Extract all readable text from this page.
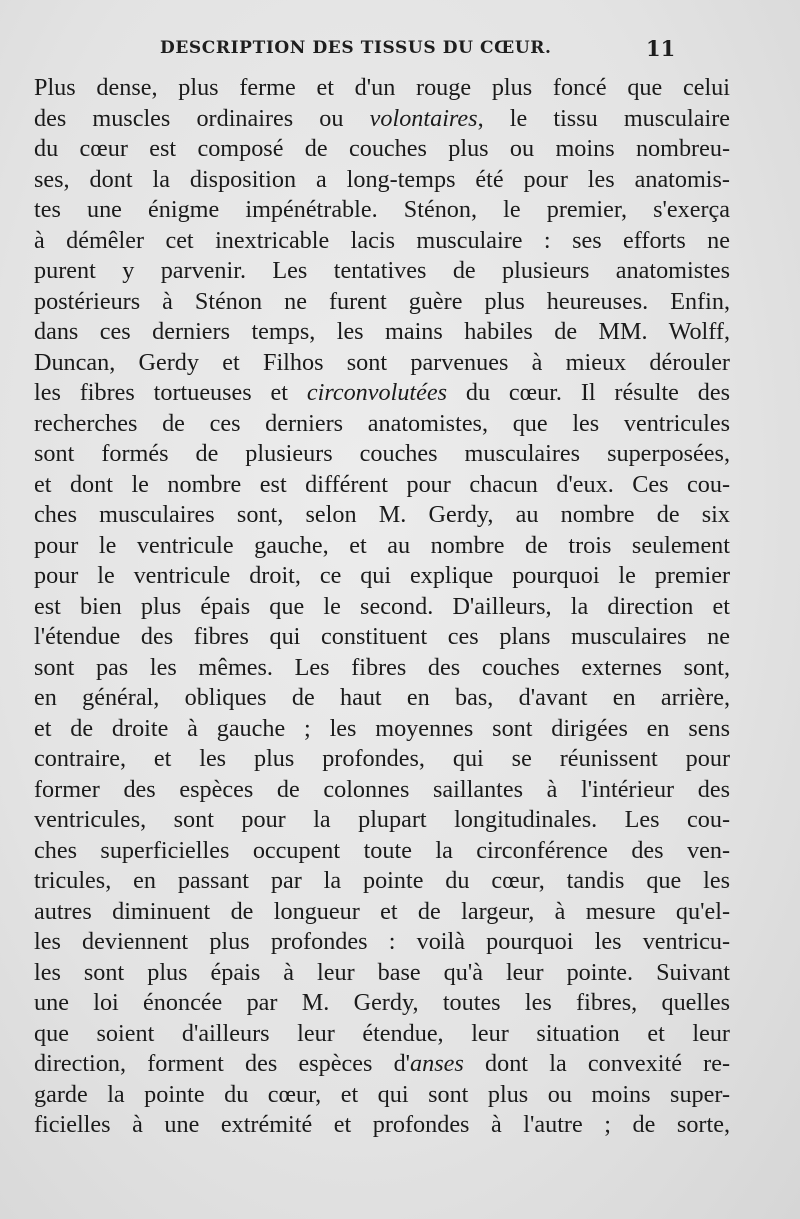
DESCRIPTION DES TISSUS DU CŒUR.	11
Plus dense, plus ferme et d'un rouge plus foncé que celui
des muscles ordinaires ou volontaires, le tissu musculaire
du cœur est composé de couches plus ou moins nombreu-
ses, dont la disposition a long-temps été pour les anatomis-
tes une énigme impénétrable. Sténon, le premier, s'exerça
à démêler cet inextricable lacis musculaire : ses efforts ne
purent y parvenir. Les tentatives de plusieurs anatomistes
postérieurs à Sténon ne furent guère plus heureuses. Enfin,
dans ces derniers temps, les mains habiles de MM. Wolff,
Duncan, Gerdy et Filhos sont parvenues à mieux dérouler
les fibres tortueuses et circonvolutées du cœur. Il résulte des
recherches de ces derniers anatomistes, que les ventricules
sont formés de plusieurs couches musculaires superposées,
et dont le nombre est différent pour chacun d'eux. Ces cou-
ches musculaires sont, selon M. Gerdy, au nombre de six
pour le ventricule gauche, et au nombre de trois seulement
pour le ventricule droit, ce qui explique pourquoi le premier
est bien plus épais que le second. D'ailleurs, la direction et
l'étendue des fibres qui constituent ces plans musculaires ne
sont pas les mêmes. Les fibres des couches externes sont,
en général, obliques de haut en bas, d'avant en arrière,
et de droite à gauche ; les moyennes sont dirigées en sens
contraire, et les plus profondes, qui se réunissent pour
former des espèces de colonnes saillantes à l'intérieur des
ventricules, sont pour la plupart longitudinales. Les cou-
ches superficielles occupent toute la circonférence des ven-
tricules, en passant par la pointe du cœur, tandis que les
autres diminuent de longueur et de largeur, à mesure qu'el-
les deviennent plus profondes : voilà pourquoi les ventricu-
les sont plus épais à leur base qu'à leur pointe. Suivant
une loi énoncée par M. Gerdy, toutes les fibres, quelles
que soient d'ailleurs leur étendue, leur situation et leur
direction, forment des espèces d'anses dont la convexité re-
garde la pointe du cœur, et qui sont plus ou moins super-
ficielles à une extrémité et profondes à l'autre ; de sorte,
